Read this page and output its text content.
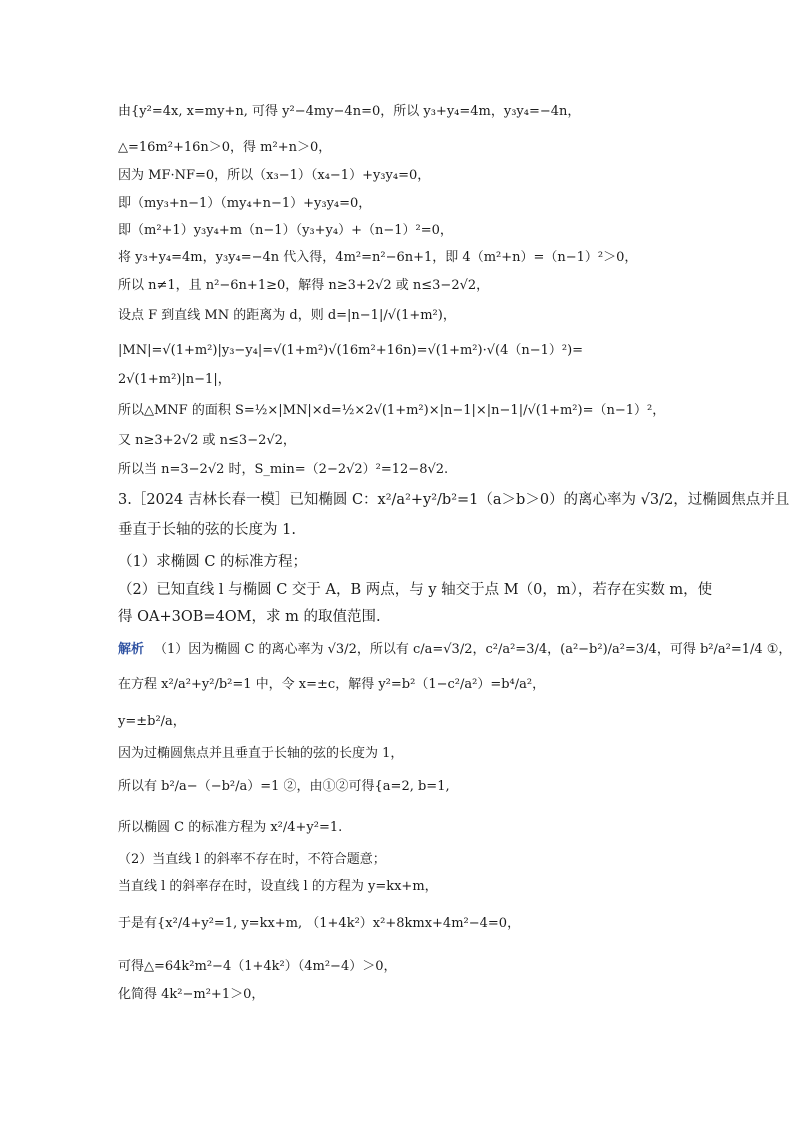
由{y²=4x, x=my+n, 可得 y²−4my−4n=0，所以 y₃+y₄=4m，y₃y₄=−4n，
△=16m²+16n＞0，得 m²+n＞0，
因为 MF·NF=0，所以（x₃−1）（x₄−1）+y₃y₄=0，
即（my₃+n−1）（my₄+n−1）+y₃y₄=0，
即（m²+1）y₃y₄+m（n−1）（y₃+y₄）+（n−1）²=0，
将 y₃+y₄=4m，y₃y₄=−4n 代入得，4m²=n²−6n+1，即 4（m²+n）=（n−1）²＞0，
所以 n≠1，且 n²−6n+1≥0，解得 n≥3+2√2 或 n≤3−2√2，
设点 F 到直线 MN 的距离为 d，则 d=|n−1|/√(1+m²)，
|MN|=√(1+m²)|y₃−y₄|=√(1+m²)√(16m²+16n)=√(1+m²)·√(4（n−1）²)=
2√(1+m²)|n−1|，
所以△MNF 的面积 S=½×|MN|×d=½×2√(1+m²)×|n−1|×|n−1|/√(1+m²)=（n−1）²，
又 n≥3+2√2 或 n≤3−2√2，
所以当 n=3−2√2 时，S_min=（2−2√2）²=12−8√2.
3.［2024 吉林长春一模］已知椭圆 C：x²/a²+y²/b²=1（a＞b＞0）的离心率为 √3/2，过椭圆焦点并且
垂直于长轴的弦的长度为 1.
（1）求椭圆 C 的标准方程；
（2）已知直线 l 与椭圆 C 交于 A，B 两点，与 y 轴交于点 M（0，m），若存在实数 m，使
得 OA+3OB=4OM，求 m 的取值范围.
解析 （1）因为椭圆 C 的离心率为 √3/2，所以有 c/a=√3/2，c²/a²=3/4，(a²−b²)/a²=3/4，可得 b²/a²=1/4 ①，
在方程 x²/a²+y²/b²=1 中，令 x=±c，解得 y²=b²（1−c²/a²）=b⁴/a²，
y=±b²/a，
因为过椭圆焦点并且垂直于长轴的弦的长度为 1，
所以有 b²/a−（−b²/a）=1 ②，由①②可得{a=2, b=1,
所以椭圆 C 的标准方程为 x²/4+y²=1.
（2）当直线 l 的斜率不存在时，不符合题意；
当直线 l 的斜率存在时，设直线 l 的方程为 y=kx+m，
于是有{x²/4+y²=1, y=kx+m, （1+4k²）x²+8kmx+4m²−4=0，
可得△=64k²m²−4（1+4k²）（4m²−4）＞0，
化简得 4k²−m²+1＞0，
